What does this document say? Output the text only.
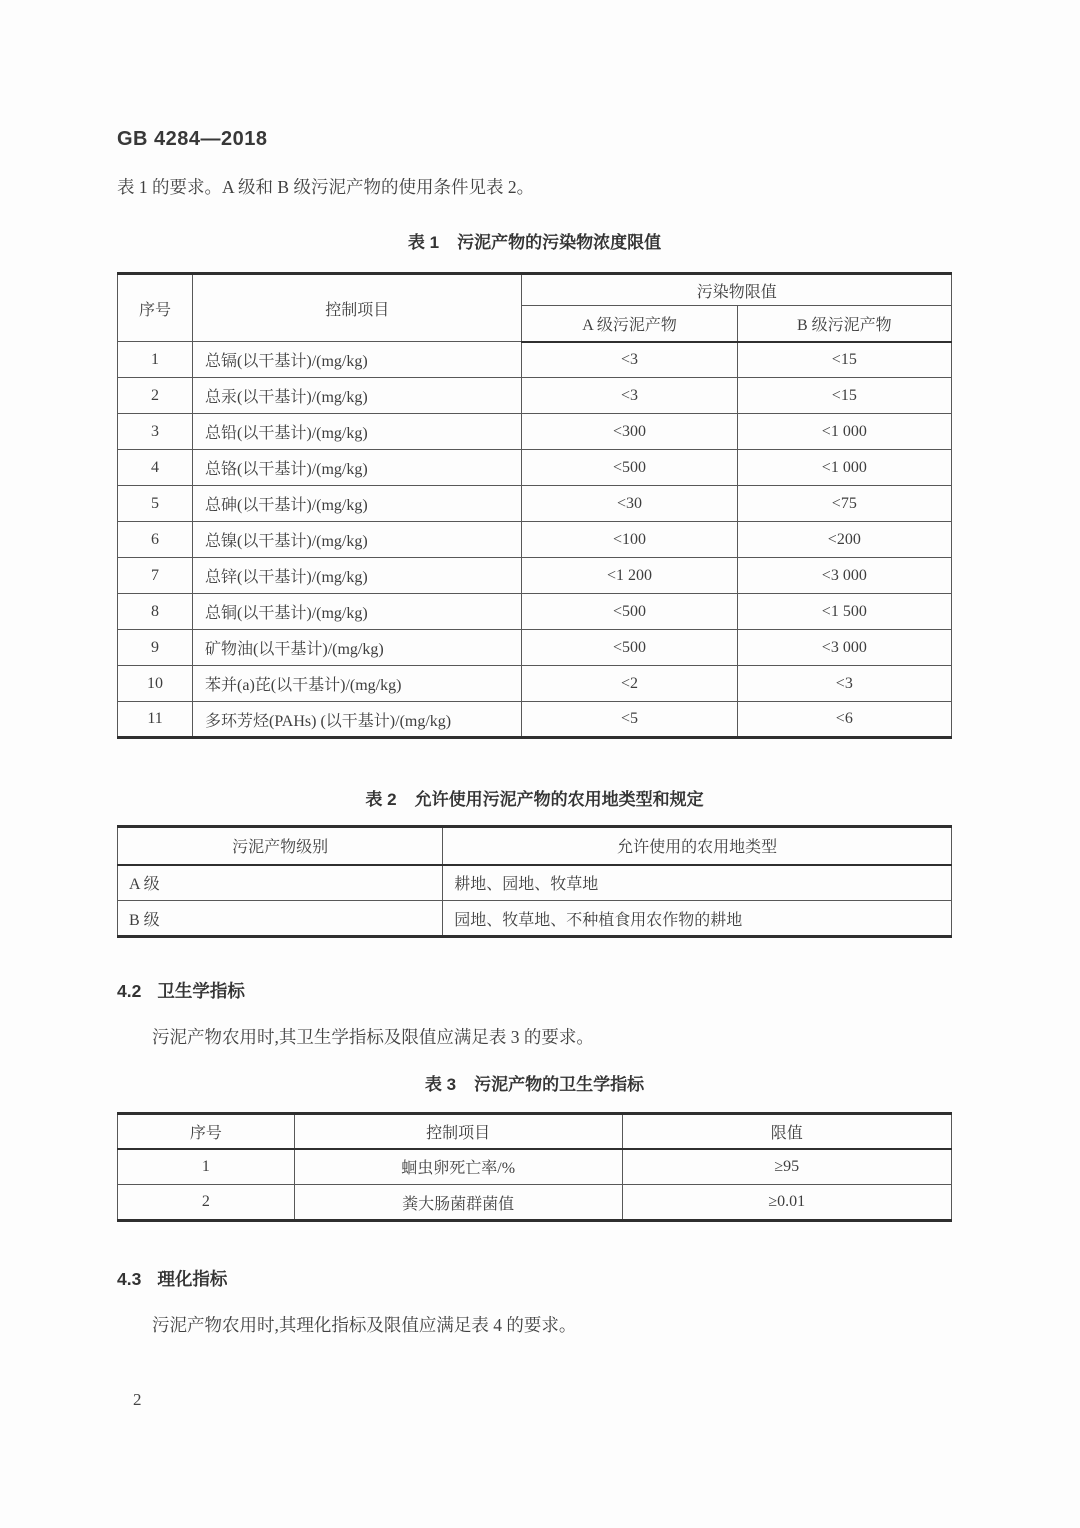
GB 4284—2018

表 1 的要求。A 级和 B 级污泥产物的使用条件见表 2。

表 1 污泥产物的污染物浓度限值
序号	控制项目	污染物限值	
		A 级污泥产物	B 级污泥产物
1	总镉(以干基计)/(mg/kg)	<3	<15
2	总汞(以干基计)/(mg/kg)	<3	<15
3	总铅(以干基计)/(mg/kg)	<300	<1 000
4	总铬(以干基计)/(mg/kg)	<500	<1 000
5	总砷(以干基计)/(mg/kg)	<30	<75
6	总镍(以干基计)/(mg/kg)	<100	<200
7	总锌(以干基计)/(mg/kg)	<1 200	<3 000
8	总铜(以干基计)/(mg/kg)	<500	<1 500
9	矿物油(以干基计)/(mg/kg)	<500	<3 000
10	苯并(a)芘(以干基计)/(mg/kg)	<2	<3
11	多环芳烃(PAHs) (以干基计)/(mg/kg)	<5	<6
表 2 允许使用污泥产物的农用地类型和规定
污泥产物级别	允许使用的农用地类型
A 级	耕地、园地、牧草地
B 级	园地、牧草地、不种植食用农作物的耕地
4.2 卫生学指标

污泥产物农用时,其卫生学指标及限值应满足表 3 的要求。

表 3 污泥产物的卫生学指标
序号	控制项目	限值
1	蛔虫卵死亡率/%	≥95
2	粪大肠菌群菌值	≥0.01
4.3 理化指标

污泥产物农用时,其理化指标及限值应满足表 4 的要求。

2
